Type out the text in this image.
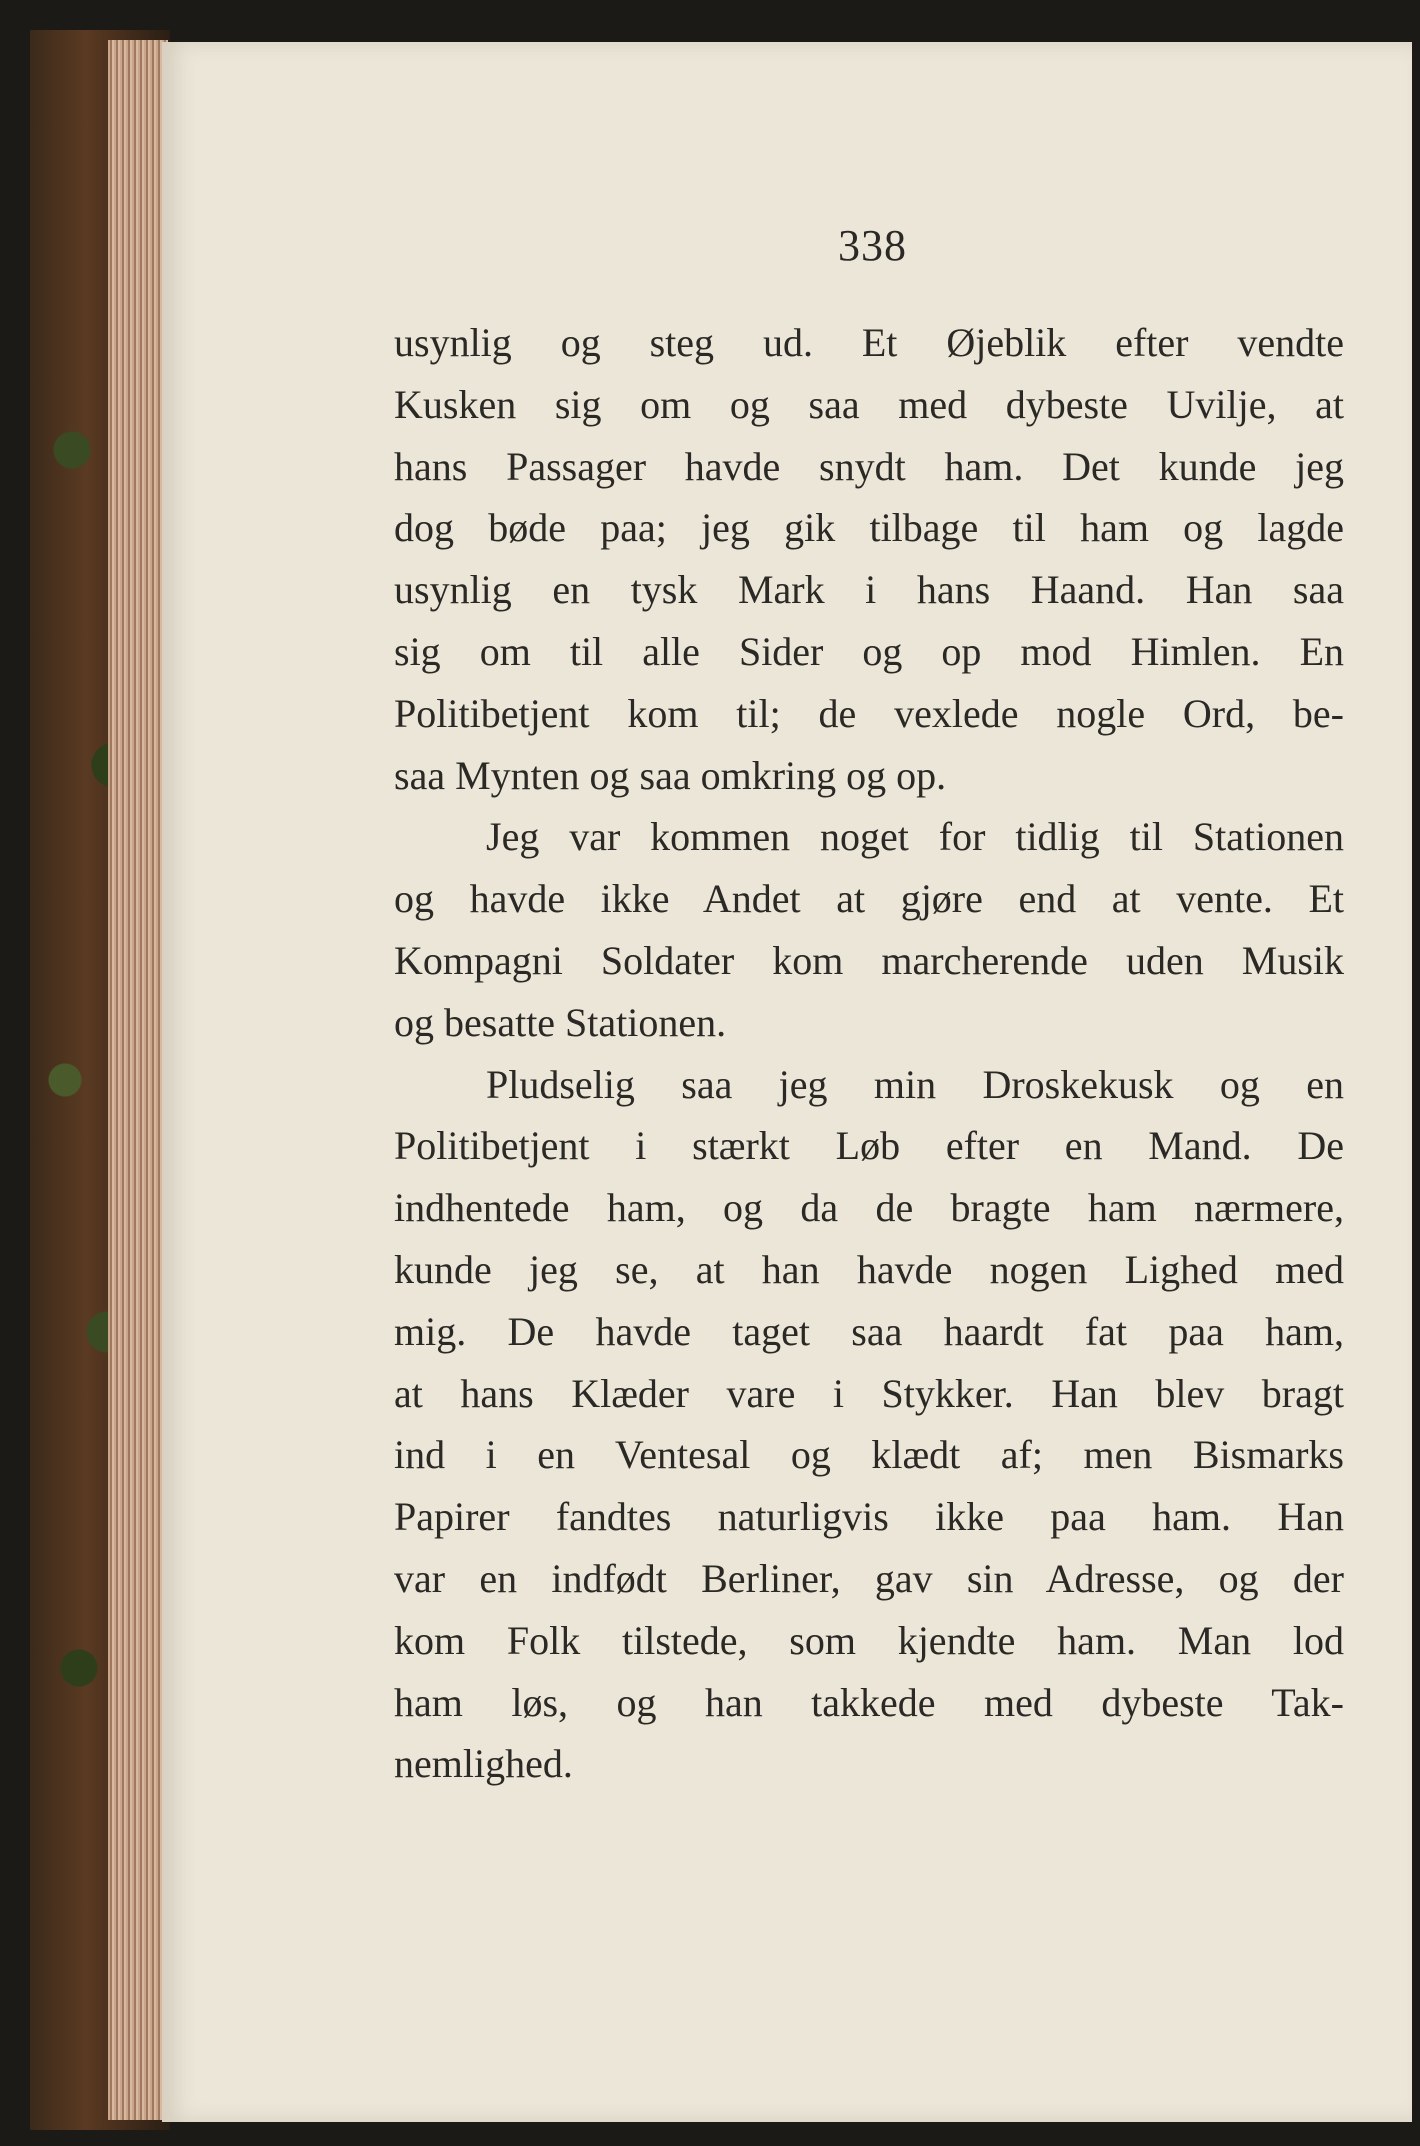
338
usynlig og steg ud. Et Øjeblik efter vendte
Kusken sig om og saa med dybeste Uvilje, at
hans Passager havde snydt ham. Det kunde jeg
dog bøde paa; jeg gik tilbage til ham og lagde
usynlig en tysk Mark i hans Haand. Han saa
sig om til alle Sider og op mod Himlen. En
Politibetjent kom til; de vexlede nogle Ord, be-
saa Mynten og saa omkring og op.
Jeg var kommen noget for tidlig til Stationen
og havde ikke Andet at gjøre end at vente. Et
Kompagni Soldater kom marcherende uden Musik
og besatte Stationen.
Pludselig saa jeg min Droskekusk og en
Politibetjent i stærkt Løb efter en Mand. De
indhentede ham, og da de bragte ham nærmere,
kunde jeg se, at han havde nogen Lighed med
mig. De havde taget saa haardt fat paa ham,
at hans Klæder vare i Stykker. Han blev bragt
ind i en Ventesal og klædt af; men Bismarks
Papirer fandtes naturligvis ikke paa ham. Han
var en indfødt Berliner, gav sin Adresse, og der
kom Folk tilstede, som kjendte ham. Man lod
ham løs, og han takkede med dybeste Tak-
nemlighed.
